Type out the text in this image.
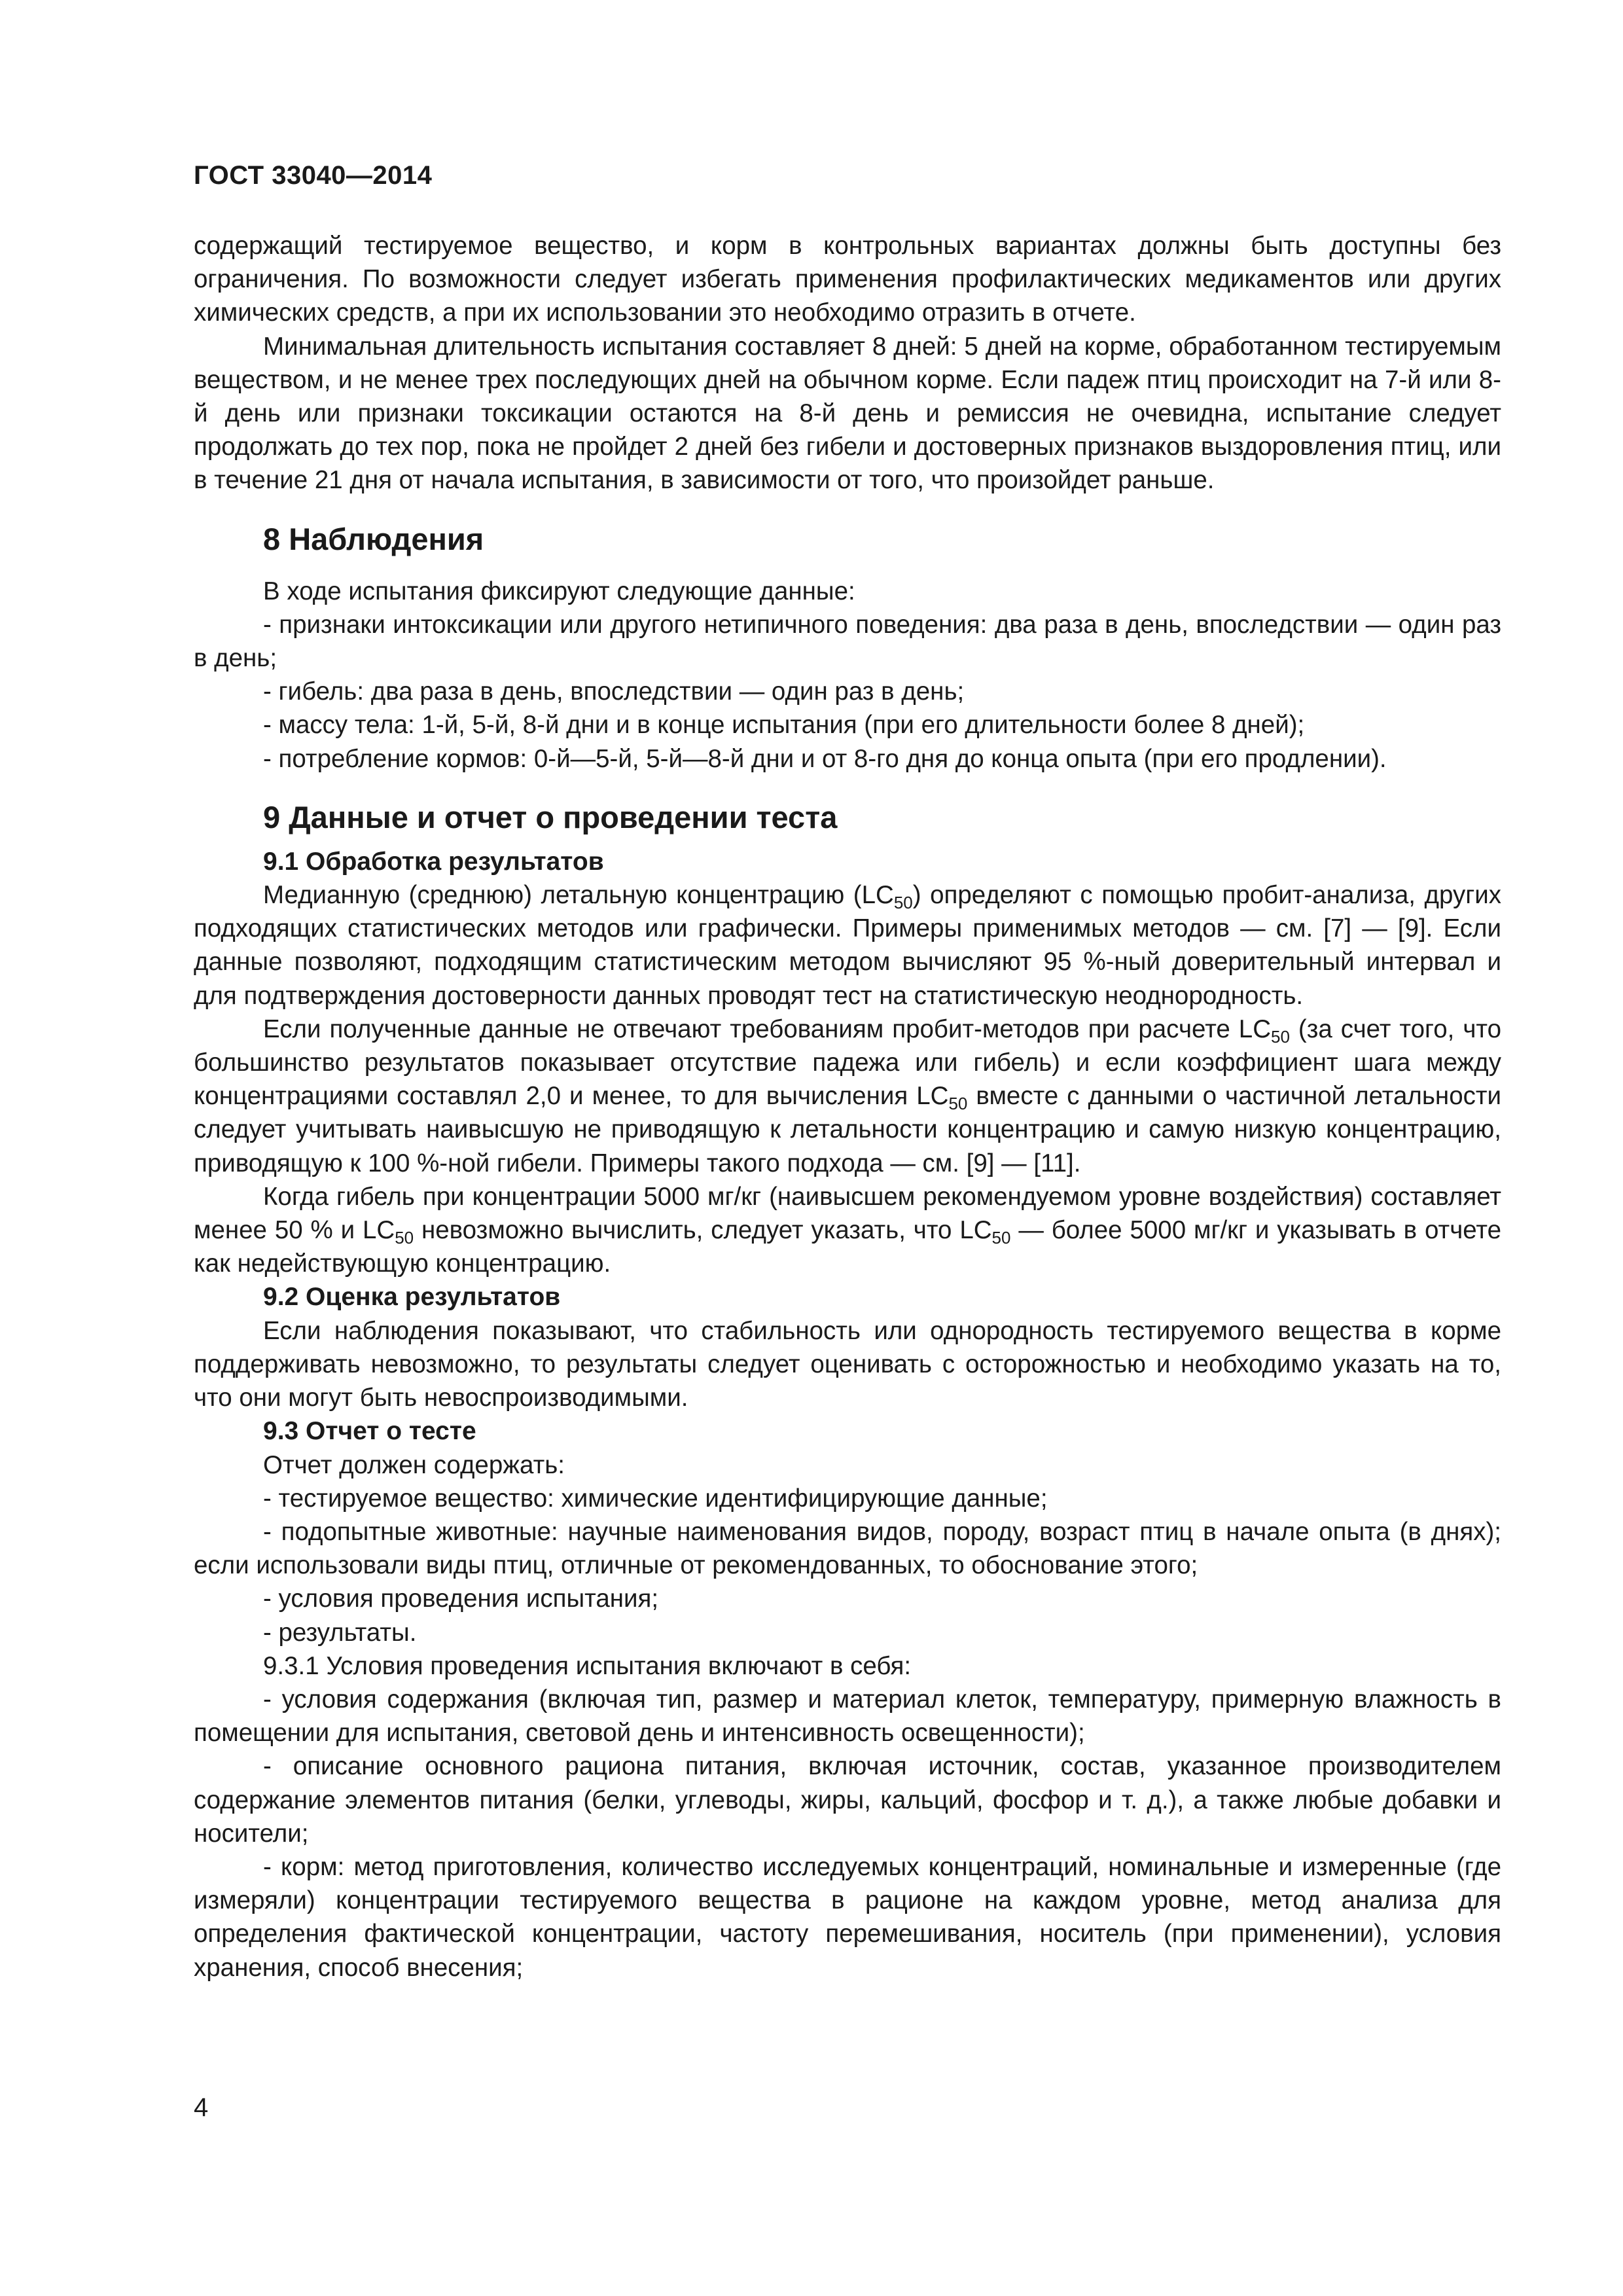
ГОСТ 33040—2014

содержащий тестируемое вещество, и корм в контрольных вариантах должны быть доступны без ограничения. По возможности следует избегать применения профилактических медикаментов или других химических средств, а при их использовании это необходимо отразить в отчете.

Минимальная длительность испытания составляет 8 дней: 5 дней на корме, обработанном тестируемым веществом, и не менее трех последующих дней на обычном корме. Если падеж птиц происходит на 7-й или 8-й день или признаки токсикации остаются на 8-й день и ремиссия не очевидна, испытание следует продолжать до тех пор, пока не пройдет 2 дней без гибели и достоверных признаков выздоровления птиц, или в течение 21 дня от начала испытания, в зависимости от того, что произойдет раньше.

8 Наблюдения

В ходе испытания фиксируют следующие данные:

- признаки интоксикации или другого нетипичного поведения: два раза в день, впоследствии — один раз в день;

- гибель: два раза в день, впоследствии — один раз в день;

- массу тела: 1-й, 5-й, 8-й дни и в конце испытания (при его длительности более 8 дней);

- потребление кормов: 0-й—5-й, 5-й—8-й дни и от 8-го дня до конца опыта (при его продлении).

9 Данные и отчет о проведении теста
9.1 Обработка результатов

Медианную (среднюю) летальную концентрацию $(LC_{50})$ определяют с помощью пробит-анализа, других подходящих статистических методов или графически. Примеры применимых методов — см. [7] — [9]. Если данные позволяют, подходящим статистическим методом вычисляют 95 %-ный доверительный интервал и для подтверждения достоверности данных проводят тест на статистическую неоднородность.

Если полученные данные не отвечают требованиям пробит-методов при расчете $LC_{50}$ (за счет того, что большинство результатов показывает отсутствие падежа или гибель) и если коэффициент шага между концентрациями составлял 2,0 и менее, то для вычисления $LC_{50}$ вместе с данными о частичной летальности следует учитывать наивысшую не приводящую к летальности концентрацию и самую низкую концентрацию, приводящую к 100 %-ной гибели. Примеры такого подхода — см. [9] — [11].

Когда гибель при концентрации 5000 мг/кг (наивысшем рекомендуемом уровне воздействия) составляет менее 50 % и $LC_{50}$ невозможно вычислить, следует указать, что $LC_{50}$ — более 5000 мг/кг и указывать в отчете как недействующую концентрацию.

9.2 Оценка результатов

Если наблюдения показывают, что стабильность или однородность тестируемого вещества в корме поддерживать невозможно, то результаты следует оценивать с осторожностью и необходимо указать на то, что они могут быть невоспроизводимыми.

9.3 Отчет о тесте

Отчет должен содержать:

- тестируемое вещество: химические идентифицирующие данные;

- подопытные животные: научные наименования видов, породу, возраст птиц в начале опыта (в днях); если использовали виды птиц, отличные от рекомендованных, то обоснование этого;

- условия проведения испытания;

- результаты.

9.3.1 Условия проведения испытания включают в себя:

- условия содержания (включая тип, размер и материал клеток, температуру, примерную влажность в помещении для испытания, световой день и интенсивность освещенности);

- описание основного рациона питания, включая источник, состав, указанное производителем содержание элементов питания (белки, углеводы, жиры, кальций, фосфор и т. д.), а также любые добавки и носители;

- корм: метод приготовления, количество исследуемых концентраций, номинальные и измеренные (где измеряли) концентрации тестируемого вещества в рационе на каждом уровне, метод анализа для определения фактической концентрации, частоту перемешивания, носитель (при применении), условия хранения, способ внесения;

4
